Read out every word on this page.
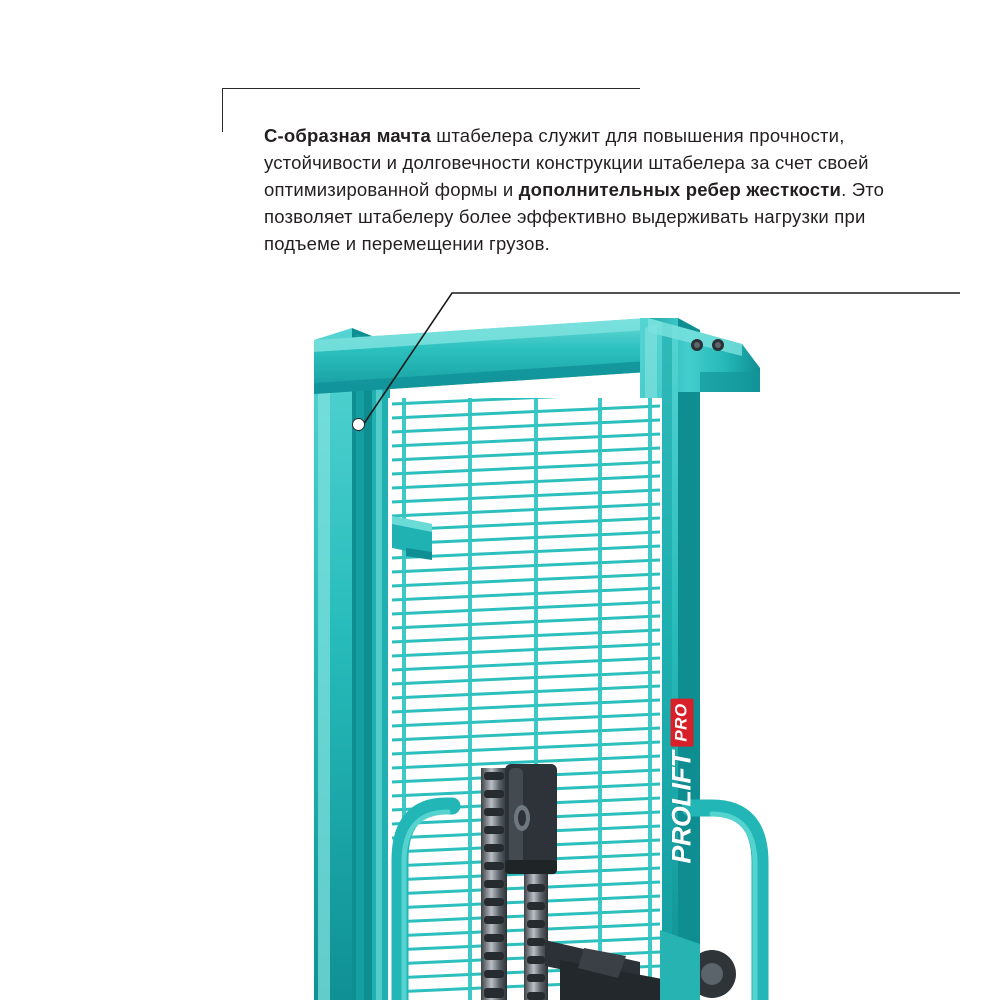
PROLIFT
PRO
С-образная мачта штабелера служит для повышения прочности, устойчивости и долговечности конструкции штабелера за счет своей оптимизированной формы и дополнительных ребер жесткости. Это позволяет штабелеру более эффективно выдерживать нагрузки при подъеме и перемещении грузов.
